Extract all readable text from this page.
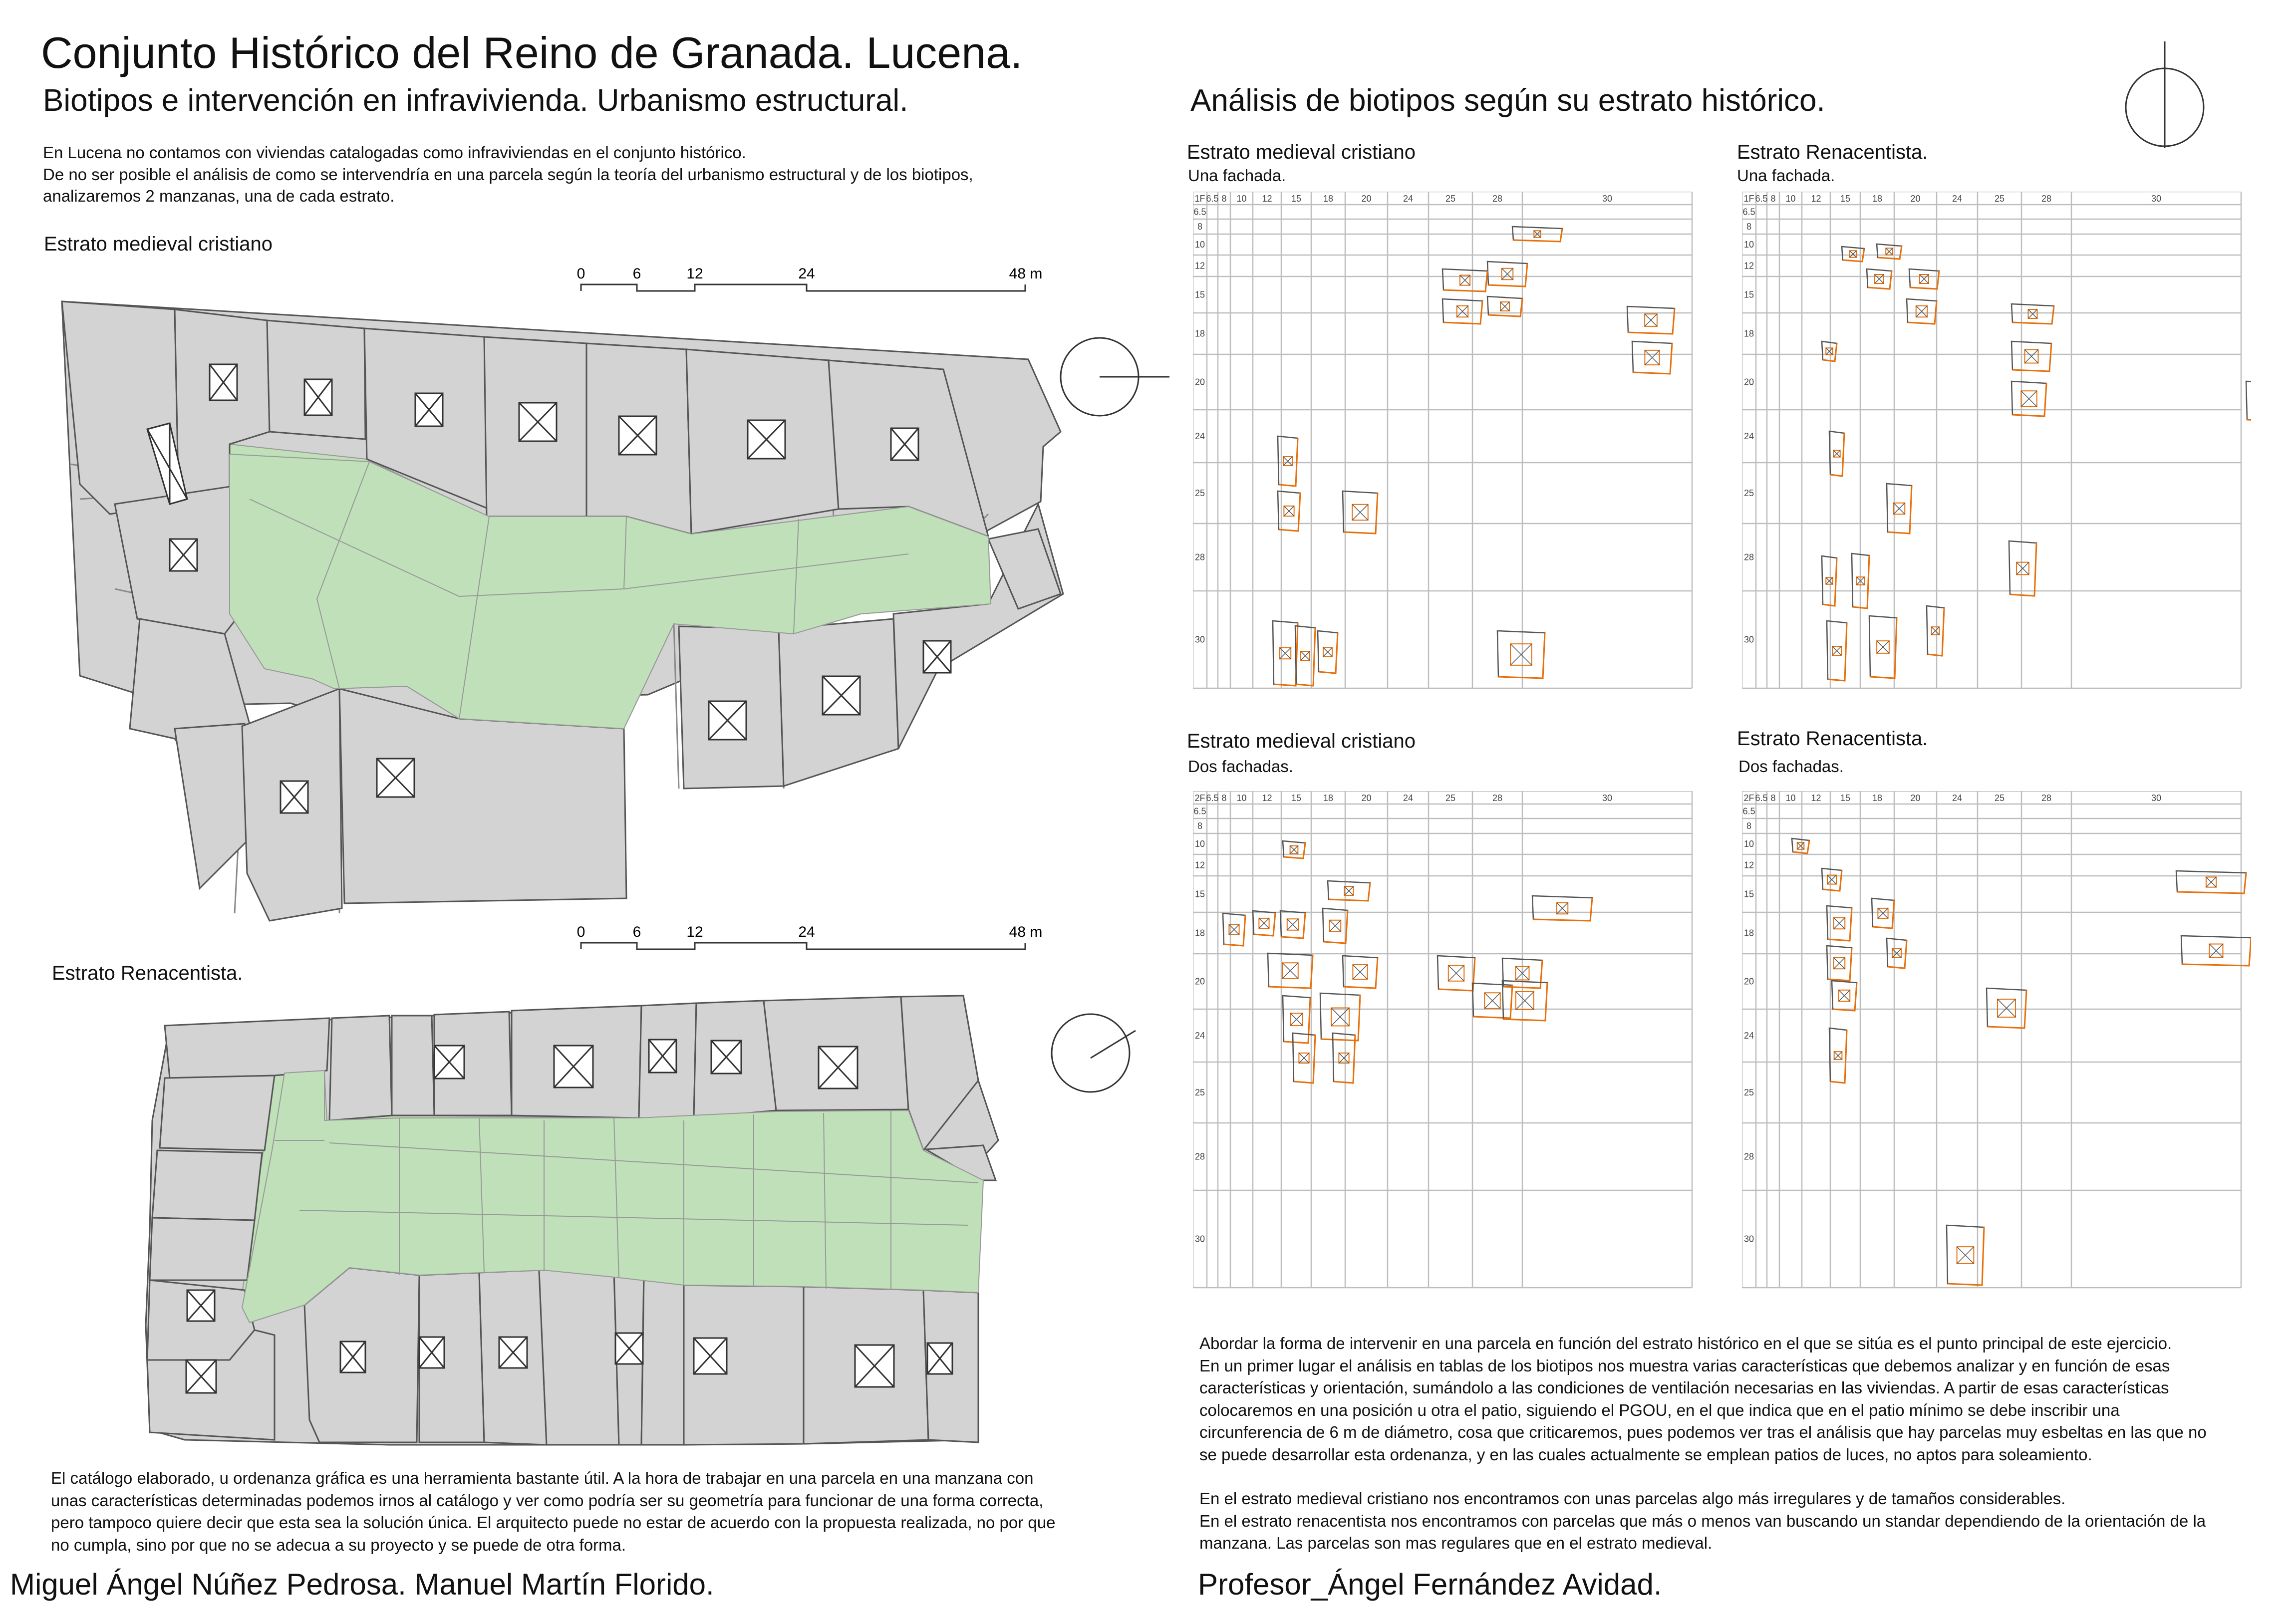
Conjunto Histórico del Reino de Granada. Lucena.
Biotipos e intervención en infravivienda. Urbanismo estructural.	Análisis de biotipos según su estrato histórico.
En Lucena no contamos con viviendas catalogadas como infraviviendas en el conjunto histórico.
De no ser posible el análisis de como se intervendría en una parcela según la teoría del urbanismo estructural y de los biotipos,
analizaremos 2 manzanas, una de cada estrato.
Estrato medieval cristiano
0	6	12	24	48 m
Estrato Renacentista.
0	6	12	24	48 m
Estrato medieval cristiano
Una fachada.
Estrato Renacentista.
Una fachada.
Estrato medieval cristiano
Dos fachadas.
Estrato Renacentista.
Dos fachadas.
1F 6.5 8 10 12 15 18	20	24	25	28	30
6.5
8
10
12
15
18
20
24
25
28
30
1F 6.5 8 10 12 15 18	20	24	25	28	30
6.5
8
10
12
15
18
20
24
25
28
30
2F 6.5 8 10 12 15 18	20	24	25	28	30
6.5
8
10
12
15
18
20
24
25
28
30
2F 6.5 8 10 12 15 18	20	24	25	28	30
6.5
8
10
12
15
18
20
24
25
28
30
El catálogo elaborado, u ordenanza gráfica es una herramienta bastante útil. A la hora de trabajar en una parcela en una manzana con
unas características determinadas podemos irnos al catálogo y ver como podría ser su geometría para funcionar de una forma correcta,
pero tampoco quiere decir que esta sea la solución única. El arquitecto puede no estar de acuerdo con la propuesta realizada, no por que
no cumpla, sino por que no se adecua a su proyecto y se puede de otra forma.
Abordar la forma de intervenir en una parcela en función del estrato histórico en el que se sitúa es el punto principal de este ejercicio.
En un primer lugar el análisis en tablas de los biotipos nos muestra varias características que debemos analizar y en función de esas
características y orientación, sumándolo a las condiciones de ventilación necesarias en las viviendas. A partir de esas características
colocaremos en una posición u otra el patio, siguiendo el PGOU, en el que indica que en el patio mínimo se debe inscribir una
circunferencia de 6 m de diámetro, cosa que criticaremos, pues podemos ver tras el análisis que hay parcelas muy esbeltas en las que no
se puede desarrollar esta ordenanza, y en las cuales actualmente se emplean patios de luces, no aptos para soleamiento.
En el estrato medieval cristiano nos encontramos con unas parcelas algo más irregulares y de tamaños considerables.
En el estrato renacentista nos encontramos con parcelas que más o menos van buscando un standar dependiendo de la orientación de la
manzana. Las parcelas son mas regulares que en el estrato medieval.
Miguel Ángel Núñez Pedrosa. Manuel Martín Florido.	Profesor_Ángel Fernández Avidad.
